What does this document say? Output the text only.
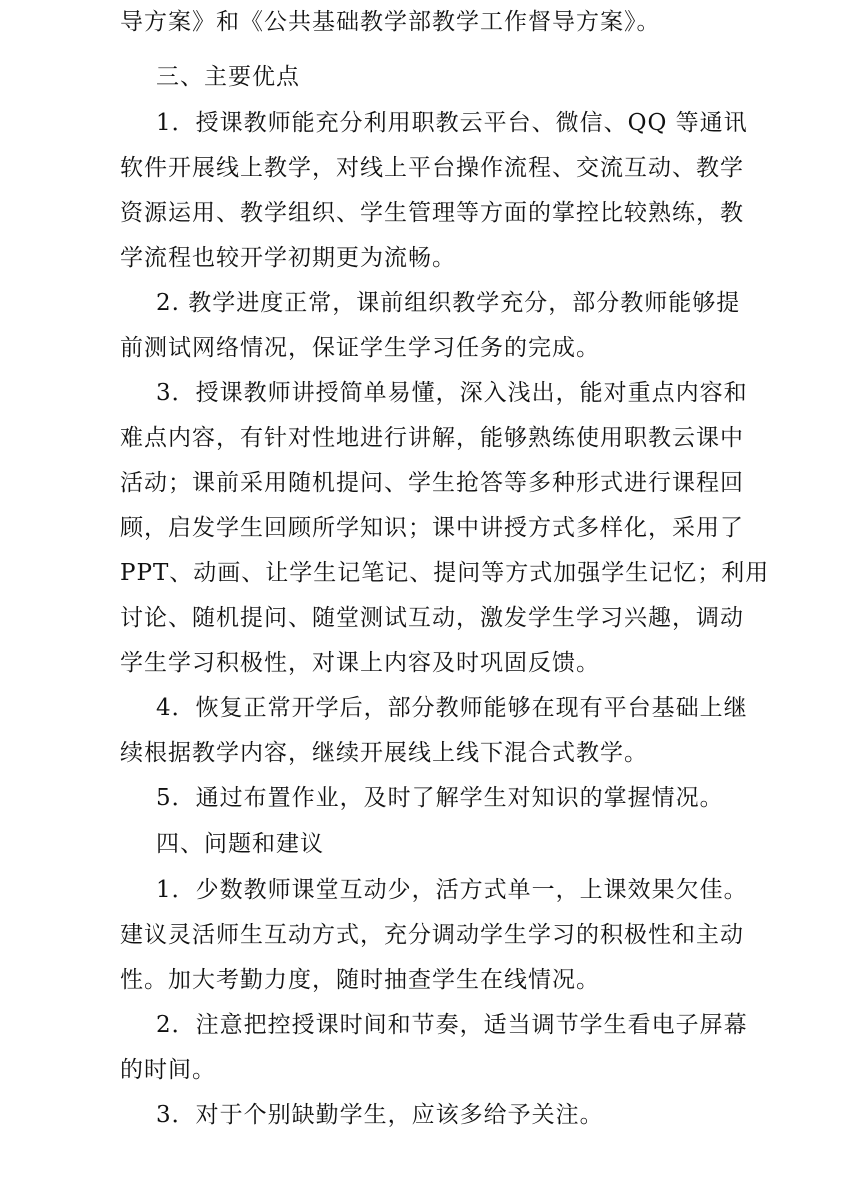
导方案》和《公共基础教学部教学工作督导方案》。

三、主要优点

1．授课教师能充分利用职教云平台、微信、QQ 等通讯

软件开展线上教学，对线上平台操作流程、交流互动、教学

资源运用、教学组织、学生管理等方面的掌控比较熟练，教

学流程也较开学初期更为流畅。

2. 教学进度正常，课前组织教学充分，部分教师能够提

前测试网络情况，保证学生学习任务的完成。

3．授课教师讲授简单易懂，深入浅出，能对重点内容和

难点内容，有针对性地进行讲解，能够熟练使用职教云课中

活动；课前采用随机提问、学生抢答等多种形式进行课程回

顾，启发学生回顾所学知识；课中讲授方式多样化，采用了

PPT、动画、让学生记笔记、提问等方式加强学生记忆；利用

讨论、随机提问、随堂测试互动，激发学生学习兴趣，调动

学生学习积极性，对课上内容及时巩固反馈。

4．恢复正常开学后，部分教师能够在现有平台基础上继

续根据教学内容，继续开展线上线下混合式教学。

5．通过布置作业，及时了解学生对知识的掌握情况。

四、问题和建议

1．少数教师课堂互动少，活方式单一，上课效果欠佳。

建议灵活师生互动方式，充分调动学生学习的积极性和主动

性。加大考勤力度，随时抽查学生在线情况。

2．注意把控授课时间和节奏，适当调节学生看电子屏幕

的时间。

3．对于个别缺勤学生，应该多给予关注。
